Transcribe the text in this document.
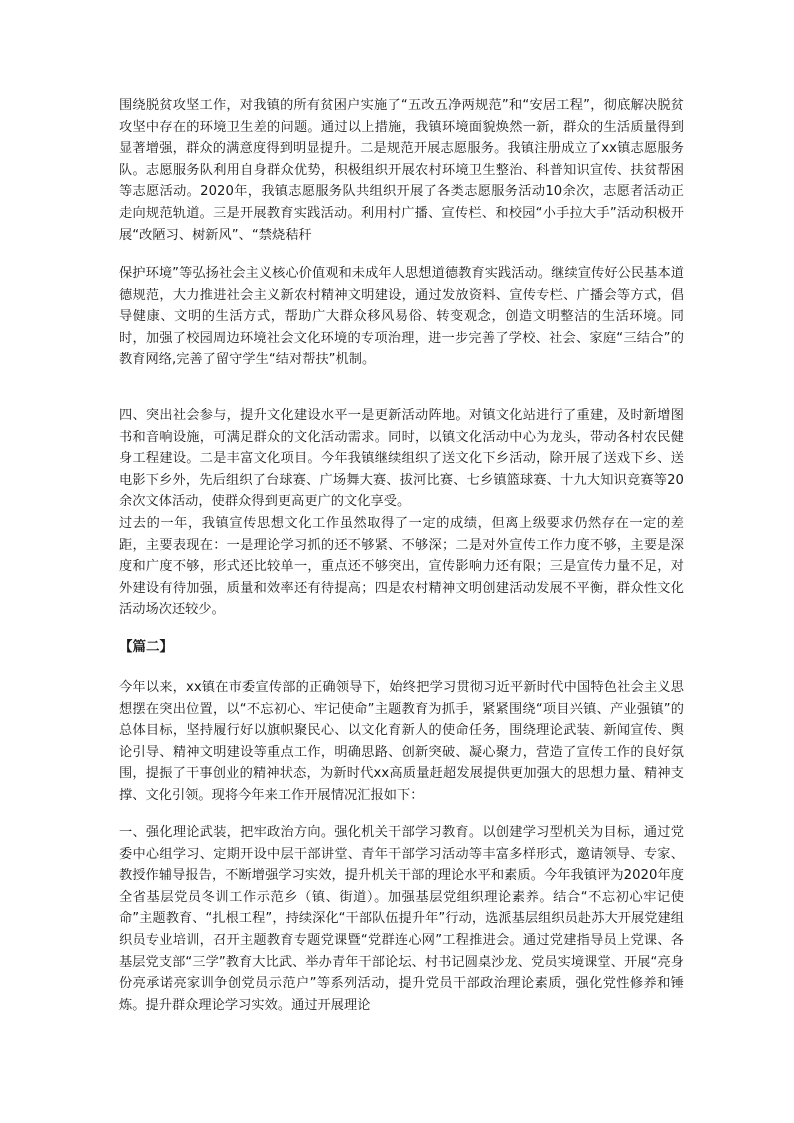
围绕脱贫攻坚工作，对我镇的所有贫困户实施了“五改五净两规范”和“安居工程”，彻底解决脱贫攻坚中存在的环境卫生差的问题。通过以上措施，我镇环境面貌焕然一新，群众的生活质量得到显著增强，群众的满意度得到明显提升。二是规范开展志愿服务。我镇注册成立了xx镇志愿服务队。志愿服务队利用自身群众优势，积极组织开展农村环境卫生整治、科普知识宣传、扶贫帮困等志愿活动。2020年，我镇志愿服务队共组织开展了各类志愿服务活动10余次，志愿者活动正走向规范轨道。三是开展教育实践活动。利用村广播、宣传栏、和校园“小手拉大手”活动积极开展“改陋习、树新风”、“禁烧秸秆

保护环境”等弘扬社会主义核心价值观和未成年人思想道德教育实践活动。继续宣传好公民基本道德规范，大力推进社会主义新农村精神文明建设，通过发放资料、宣传专栏、广播会等方式，倡导健康、文明的生活方式，帮助广大群众移风易俗、转变观念，创造文明整洁的生活环境。同时，加强了校园周边环境社会文化环境的专项治理，进一步完善了学校、社会、家庭“三结合”的教育网络,完善了留守学生“结对帮扶”机制。

四、突出社会参与，提升文化建设水平一是更新活动阵地。对镇文化站进行了重建，及时新增图书和音响设施，可满足群众的文化活动需求。同时，以镇文化活动中心为龙头，带动各村农民健身工程建设。二是丰富文化项目。今年我镇继续组织了送文化下乡活动，除开展了送戏下乡、送电影下乡外，先后组织了台球赛、广场舞大赛、拔河比赛、七乡镇篮球赛、十九大知识竞赛等20余次文体活动，使群众得到更高更广的文化享受。

过去的一年，我镇宣传思想文化工作虽然取得了一定的成绩，但离上级要求仍然存在一定的差距，主要表现在：一是理论学习抓的还不够紧、不够深；二是对外宣传工作力度不够，主要是深度和广度不够，形式还比较单一，重点还不够突出，宣传影响力还有限；三是宣传力量不足，对外建设有待加强，质量和效率还有待提高；四是农村精神文明创建活动发展不平衡，群众性文化活动场次还较少。

【篇二】

今年以来，xx镇在市委宣传部的正确领导下，始终把学习贯彻习近平新时代中国特色社会主义思想摆在突出位置，以“不忘初心、牢记使命”主题教育为抓手，紧紧围绕“项目兴镇、产业强镇”的总体目标，坚持履行好以旗帜聚民心、以文化育新人的使命任务，围绕理论武装、新闻宣传、舆论引导、精神文明建设等重点工作，明确思路、创新突破、凝心聚力，营造了宣传工作的良好氛围，提振了干事创业的精神状态，为新时代xx高质量赶超发展提供更加强大的思想力量、精神支撑、文化引领。现将今年来工作开展情况汇报如下：

一、强化理论武装，把牢政治方向。强化机关干部学习教育。以创建学习型机关为目标，通过党委中心组学习、定期开设中层干部讲堂、青年干部学习活动等丰富多样形式，邀请领导、专家、教授作辅导报告，不断增强学习实效，提升机关干部的理论水平和素质。今年我镇评为2020年度全省基层党员冬训工作示范乡（镇、街道）。加强基层党组织理论素养。结合“不忘初心牢记使命”主题教育、“扎根工程”，持续深化“干部队伍提升年”行动，选派基层组织员赴苏大开展党建组织员专业培训，召开主题教育专题党课暨“党群连心网”工程推进会。通过党建指导员上党课、各基层党支部“三学”教育大比武、举办青年干部论坛、村书记圆桌沙龙、党员实境课堂、开展“亮身份亮承诺亮家训争创党员示范户”等系列活动，提升党员干部政治理论素质，强化党性修养和锤炼。提升群众理论学习实效。通过开展理论
